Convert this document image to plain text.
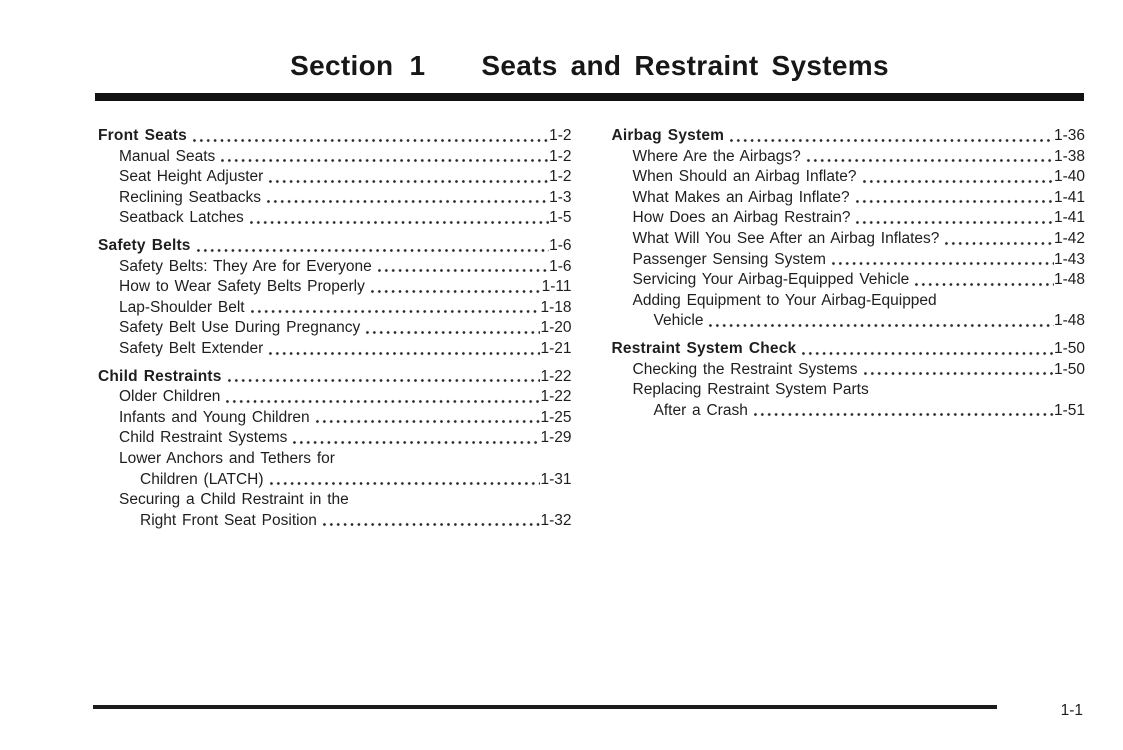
Section 1 Seats and Restraint Systems
Front Seats	1-2
Manual Seats	1-2
Seat Height Adjuster	1-2
Reclining Seatbacks	1-3
Seatback Latches	1-5
Safety Belts	1-6
Safety Belts: They Are for Everyone	1-6
How to Wear Safety Belts Properly	1-11
Lap-Shoulder Belt	1-18
Safety Belt Use During Pregnancy	1-20
Safety Belt Extender	1-21
Child Restraints	1-22
Older Children	1-22
Infants and Young Children	1-25
Child Restraint Systems	1-29
Lower Anchors and Tethers for
Children (LATCH)	1-31
Securing a Child Restraint in the
Right Front Seat Position	1-32
Airbag System	1-36
Where Are the Airbags?	1-38
When Should an Airbag Inflate?	1-40
What Makes an Airbag Inflate?	1-41
How Does an Airbag Restrain?	1-41
What Will You See After an Airbag Inflates?	1-42
Passenger Sensing System	1-43
Servicing Your Airbag-Equipped Vehicle	1-48
Adding Equipment to Your Airbag-Equipped
Vehicle	1-48
Restraint System Check	1-50
Checking the Restraint Systems	1-50
Replacing Restraint System Parts
After a Crash	1-51
1-1
